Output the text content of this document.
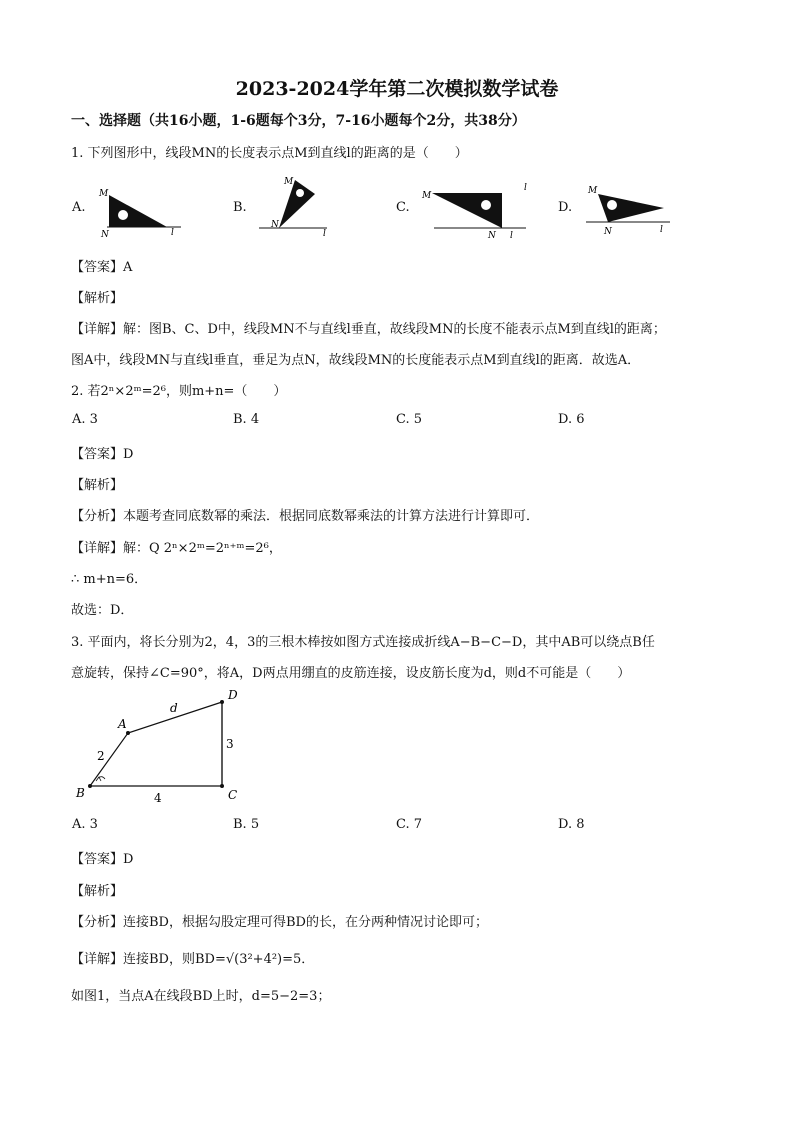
2023-2024学年第二次模拟数学试卷
一、选择题（共16小题，1-6题每个3分，7-16小题每个2分，共38分）
1. 下列图形中，线段MN的长度表示点M到直线l的距离的是（　　）
A.
M
N	l
B.
M
N
l
C.
M
N l
l
D.
M
N	l
【答案】A
【解析】
【详解】解：图B、C、D中，线段MN不与直线l垂直，故线段MN的长度不能表示点M到直线l的距离；
图A中，线段MN与直线l垂直，垂足为点N，故线段MN的长度能表示点M到直线l的距离．故选A．
2. 若2ⁿ×2ᵐ=2⁶，则m+n=（　　）
A. 3	B. 4	C. 5	D. 6
【答案】D
【解析】
【分析】本题考查同底数幂的乘法．根据同底数幂乘法的计算方法进行计算即可．
【详解】解：Q 2ⁿ×2ᵐ=2ⁿ⁺ᵐ=2⁶，
∴ m+n=6．
故选：D．
3. 平面内，将长分别为2，4，3的三根木棒按如图方式连接成折线A−B−C−D，其中AB可以绕点B任
意旋转，保持∠C=90°，将A，D两点用绷直的皮筋连接，设皮筋长度为d，则d不可能是（　　）
B
A
C
D
d
2
4
3
A. 3	B. 5	C. 7	D. 8
【答案】D
【解析】
【分析】连接BD，根据勾股定理可得BD的长，在分两种情况讨论即可；
【详解】连接BD，则BD=√(3²+4²)=5．
如图1，当点A在线段BD上时，d=5−2=3；
